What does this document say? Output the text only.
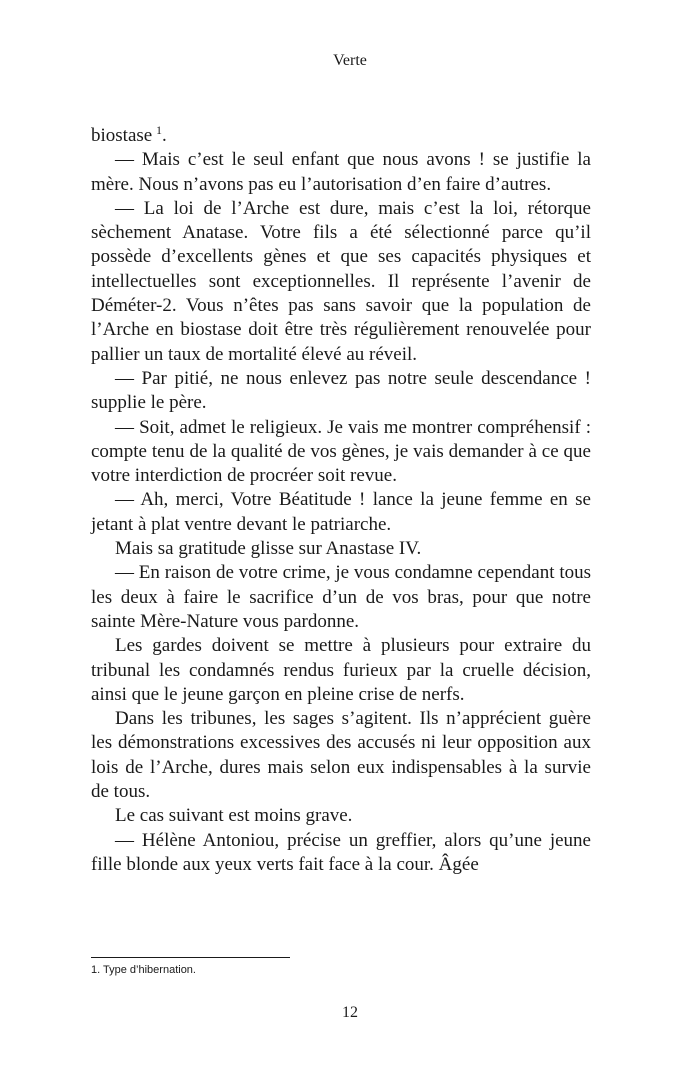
Verte

biostase  $^1$.

— Mais c’est le seul enfant que nous avons ! se justifie la mère. Nous n’avons pas eu l’autorisation d’en faire d’autres.

— La loi de l’Arche est dure, mais c’est la loi, rétorque sèchement Anatase. Votre fils a été sélectionné parce qu’il possède d’excellents gènes et que ses capacités physiques et intellectuelles sont exceptionnelles. Il représente l’avenir de Déméter-2. Vous n’êtes pas sans savoir que la population de l’Arche en biostase doit être très régulièrement renouvelée pour pallier un taux de mortalité élevé au réveil.

— Par pitié, ne nous enlevez pas notre seule descendance ! supplie le père.

— Soit, admet le religieux. Je vais me montrer compréhensif : compte tenu de la qualité de vos gènes, je vais demander à ce que votre interdiction de procréer soit revue.

— Ah, merci, Votre Béatitude ! lance la jeune femme en se jetant à plat ventre devant le patriarche.

Mais sa gratitude glisse sur Anastase IV.

— En raison de votre crime, je vous condamne cependant tous les deux à faire le sacrifice d’un de vos bras, pour que notre sainte Mère-Nature vous pardonne.

Les gardes doivent se mettre à plusieurs pour extraire du tribunal les condamnés rendus furieux par la cruelle décision, ainsi que le jeune garçon en pleine crise de nerfs.

Dans les tribunes, les sages s’agitent. Ils n’apprécient guère les démonstrations excessives des accusés ni leur opposition aux lois de l’Arche, dures mais selon eux indispensables à la survie de tous.

Le cas suivant est moins grave.

— Hélène Antoniou, précise un greffier, alors qu’une jeune fille blonde aux yeux verts fait face à la cour. Âgée

1. Type d’hibernation.
12
